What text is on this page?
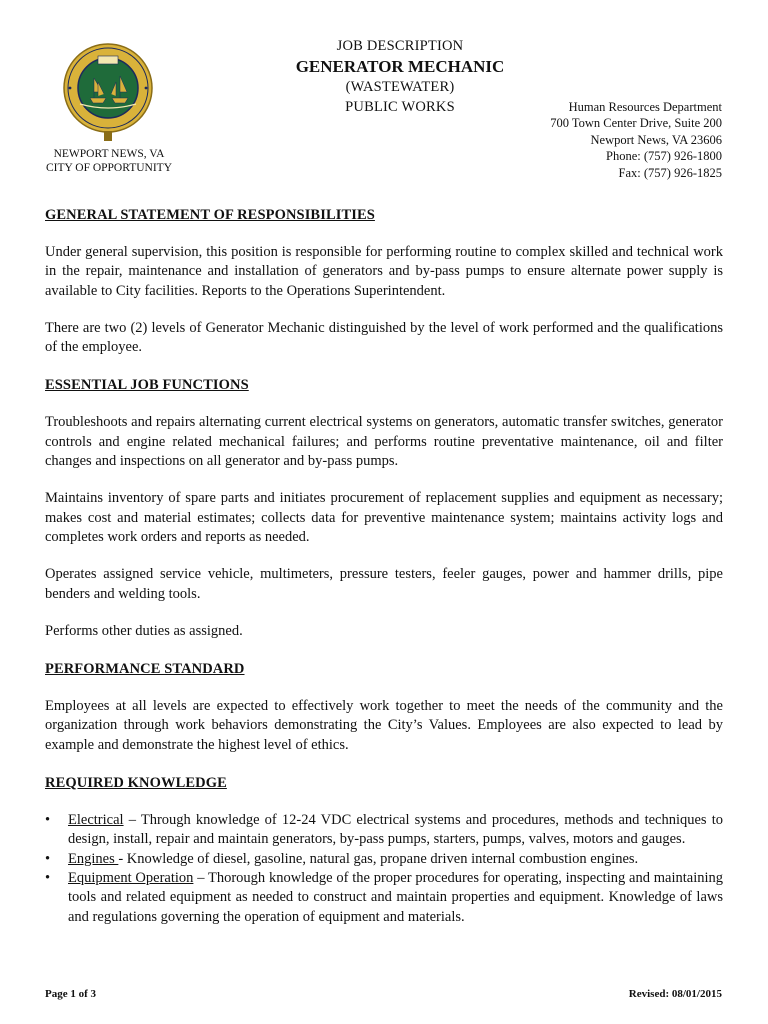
NEWPORT NEWS, VA
CITY OF OPPORTUNITY
JOB DESCRIPTION
GENERATOR MECHANIC
(WASTEWATER)
PUBLIC WORKS	Human Resources Department
700 Town Center Drive, Suite 200
Newport News, VA 23606
Phone: (757) 926-1800
Fax: (757) 926-1825
GENERAL STATEMENT OF RESPONSIBILITIES

Under general supervision, this position is responsible for performing routine to complex skilled and technical work in the repair, maintenance and installation of generators and by-pass pumps to ensure alternate power supply is available to City facilities. Reports to the Operations Superintendent.

There are two (2) levels of Generator Mechanic distinguished by the level of work performed and the qualifications of the employee.

ESSENTIAL JOB FUNCTIONS

Troubleshoots and repairs alternating current electrical systems on generators, automatic transfer switches, generator controls and engine related mechanical failures; and performs routine preventative maintenance, oil and filter changes and inspections on all generator and by-pass pumps.

Maintains inventory of spare parts and initiates procurement of replacement supplies and equipment as necessary; makes cost and material estimates; collects data for preventive maintenance system; maintains activity logs and completes work orders and reports as needed.

Operates assigned service vehicle, multimeters, pressure testers, feeler gauges, power and hammer drills, pipe benders and welding tools.

Performs other duties as assigned.

PERFORMANCE STANDARD

Employees at all levels are expected to effectively work together to meet the needs of the community and the organization through work behaviors demonstrating the City’s Values. Employees are also expected to lead by example and demonstrate the highest level of ethics.

REQUIRED KNOWLEDGE
• Electrical – Through knowledge of 12-24 VDC electrical systems and procedures, methods and techniques to design, install, repair and maintain generators, by-pass pumps, starters, pumps, valves, motors and gauges.
• Engines - Knowledge of diesel, gasoline, natural gas, propane driven internal combustion engines.
• Equipment Operation – Thorough knowledge of the proper procedures for operating, inspecting and maintaining tools and related equipment as needed to construct and maintain properties and equipment. Knowledge of laws and regulations governing the operation of equipment and materials.
Page 1 of 3	Revised: 08/01/2015
